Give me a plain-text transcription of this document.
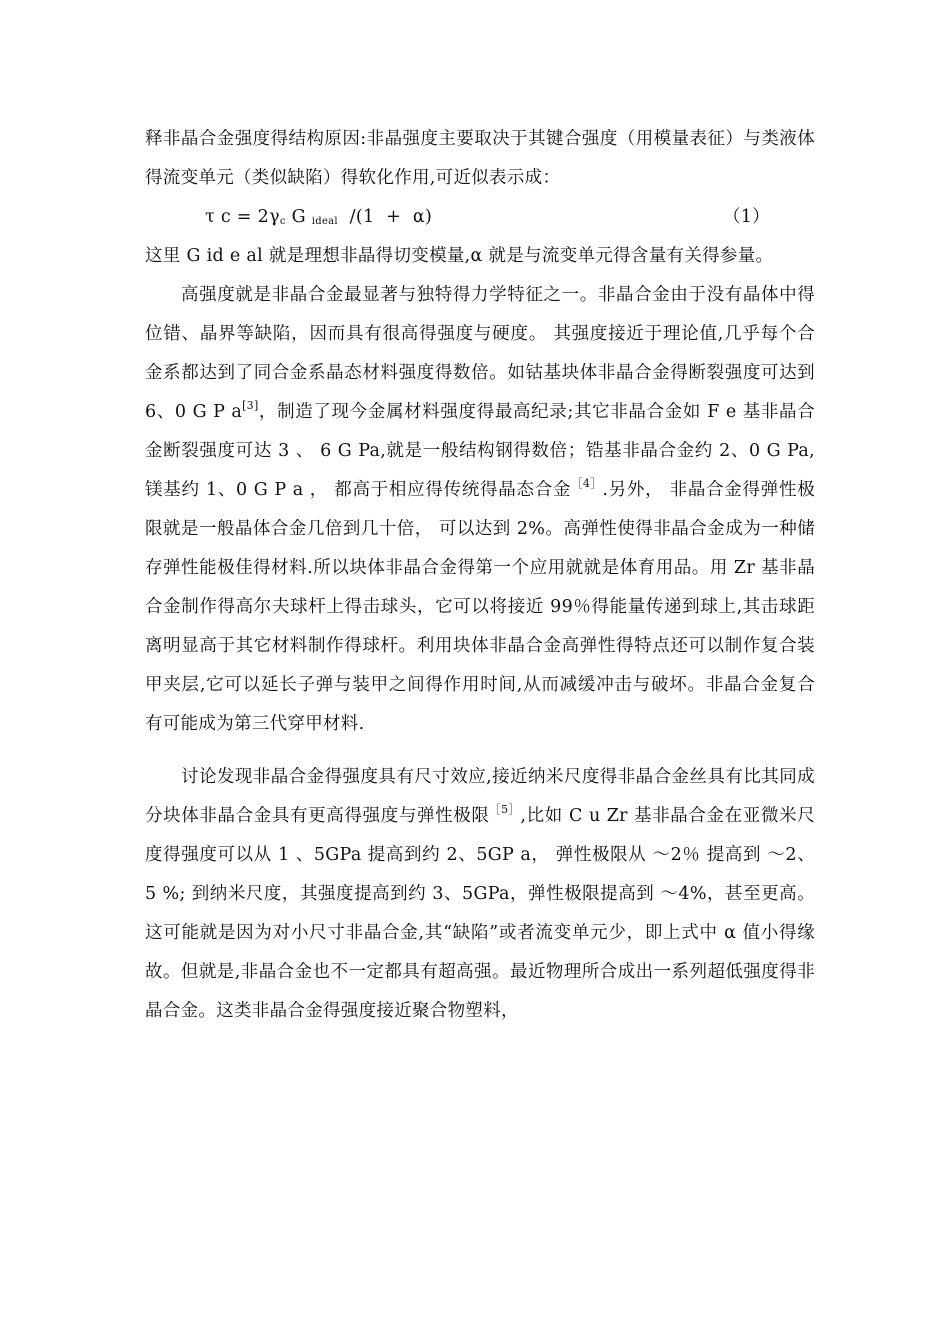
释非晶合金强度得结构原因:非晶强度主要取决于其键合强度（用模量表征）与类液体得流变单元（类似缺陷）得软化作用,可近似表示成：

τ $c = 2\gamma_c$ G $_{ideal}$  /(1  +  α)	（1）

这里 G id e al 就是理想非晶得切变模量,α 就是与流变单元得含量有关得参量。

高强度就是非晶合金最显著与独特得力学特征之一。非晶合金由于没有晶体中得位错、晶界等缺陷，因而具有很高得强度与硬度。 其强度接近于理论值,几乎每个合金系都达到了同合金系晶态材料强度得数倍。如钴基块体非晶合金得断裂强度可达到 6、0 G P a[3]，制造了现今金属材料强度得最高纪录;其它非晶合金如 F e 基非晶合金断裂强度可达 3 、 6 G Pa,就是一般结构钢得数倍；锆基非晶合金约 2、0 G Pa,镁基约 1、0 G P a ， 都高于相应得传统得晶态合金$^{[4]}$.另外， 非晶合金得弹性极限就是一般晶体合金几倍到几十倍， 可以达到 2%。高弹性使得非晶合金成为一种储存弹性能极佳得材料.所以块体非晶合金得第一个应用就就是体育用品。用 Zr 基非晶合金制作得高尔夫球杆上得击球头，它可以将接近 99％得能量传递到球上,其击球距离明显高于其它材料制作得球杆。利用块体非晶合金高弹性得特点还可以制作复合装甲夹层,它可以延长子弹与装甲之间得作用时间,从而减缓冲击与破坏。非晶合金复合有可能成为第三代穿甲材料.

讨论发现非晶合金得强度具有尺寸效应,接近纳米尺度得非晶合金丝具有比其同成分块体非晶合金具有更高得强度与弹性极限$^{[5]}$,比如 C u Zr 基非晶合金在亚微米尺度得强度可以从 1 、5GPa 提高到约 2、5GP a， 弹性极限从 ～2％ 提高到 ～2、 5 %; 到纳米尺度，其强度提高到约 3、5GPa，弹性极限提高到 ～4%，甚至更高。这可能就是因为对小尺寸非晶合金,其“缺陷”或者流变单元少，即上式中 α 值小得缘故。但就是,非晶合金也不一定都具有超高强。最近物理所合成出一系列超低强度得非晶合金。这类非晶合金得强度接近聚合物塑料，
